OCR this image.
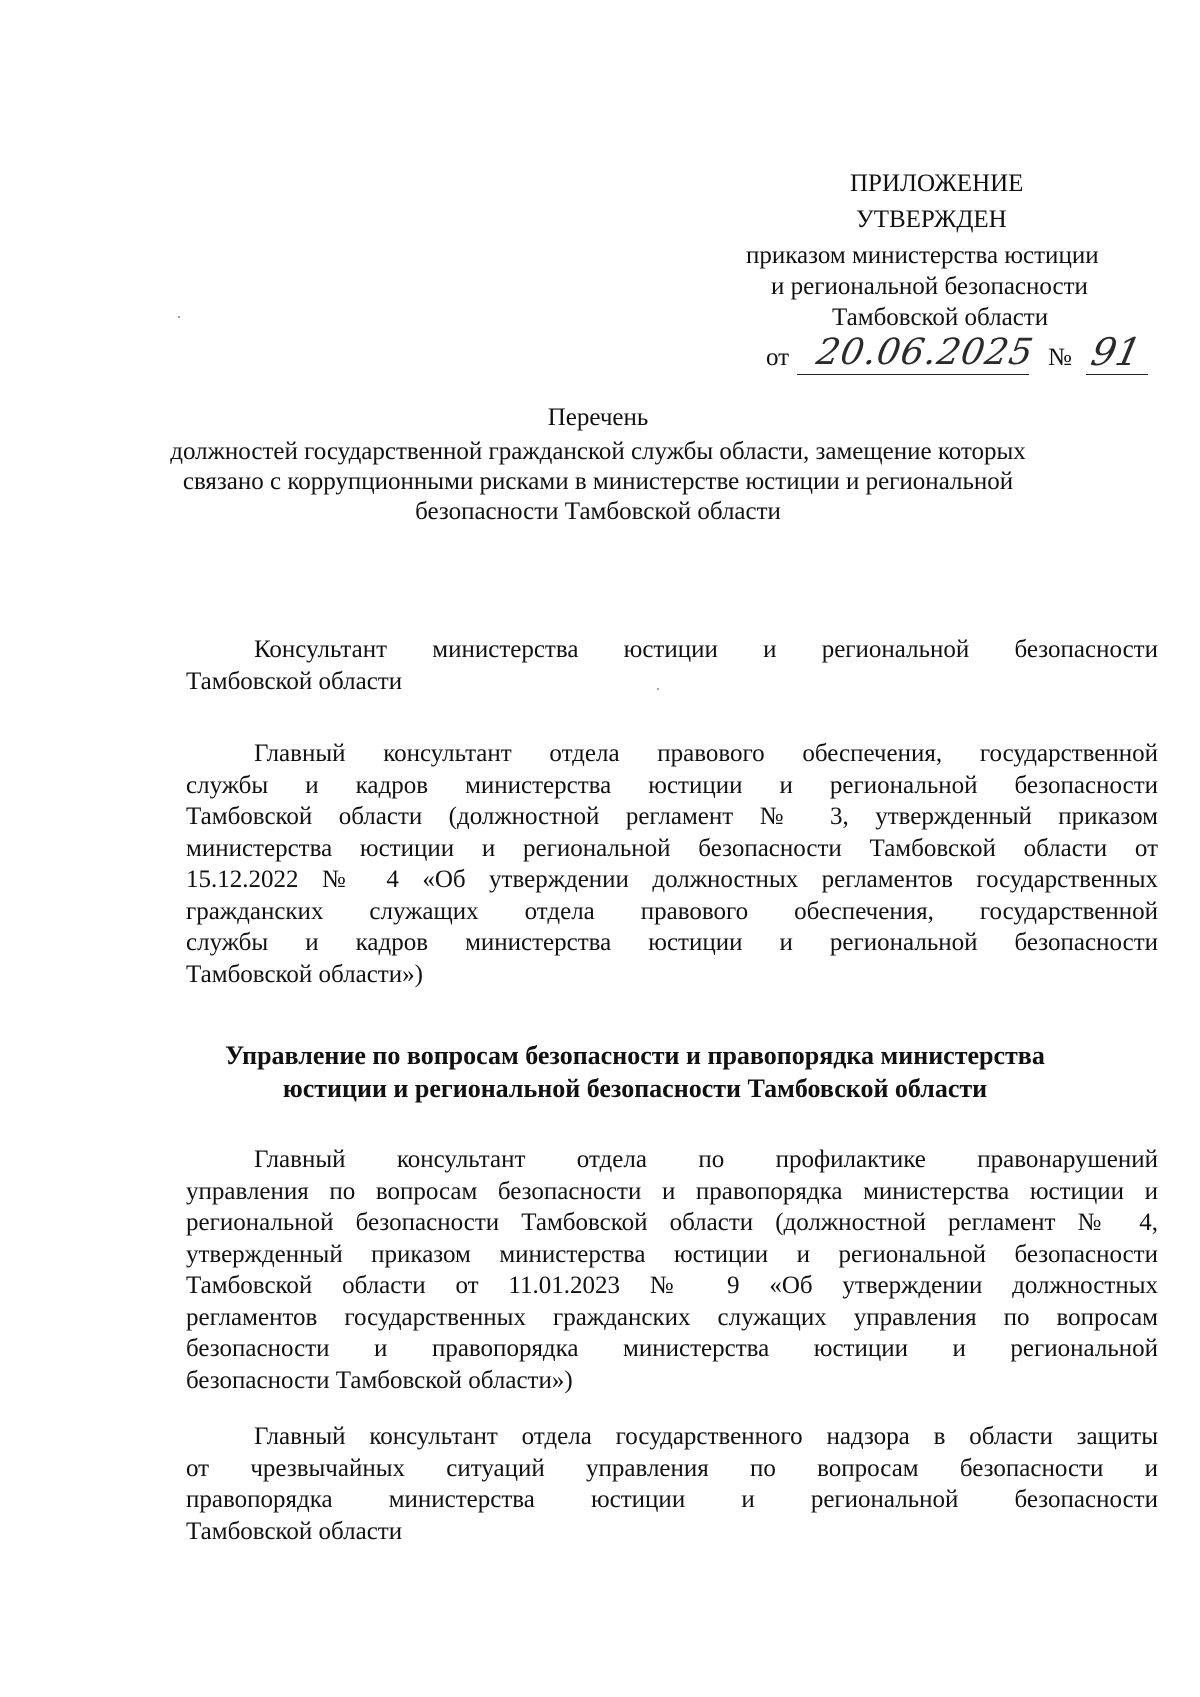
ПРИЛОЖЕНИЕ
УТВЕРЖДЕН
приказом министерства юстиции
и региональной безопасности
Тамбовской области
от 20.06.2025 № 91
Перечень
должностей государственной гражданской службы области, замещение которых
связано с коррупционными рисками в министерстве юстиции и региональной
безопасности Тамбовской области
Консультант министерства юстиции и региональной безопасности
Тамбовской области
Главный консультант отдела правового обеспечения, государственной
службы и кадров министерства юстиции и региональной безопасности
Тамбовской области (должностной регламент № 3, утвержденный приказом
министерства юстиции и региональной безопасности Тамбовской области от
15.12.2022 № 4 «Об утверждении должностных регламентов государственных
гражданских служащих отдела правового обеспечения, государственной
службы и кадров министерства юстиции и региональной безопасности
Тамбовской области»)
Управление по вопросам безопасности и правопорядка министерства
юстиции и региональной безопасности Тамбовской области
Главный консультант отдела по профилактике правонарушений
управления по вопросам безопасности и правопорядка министерства юстиции и
региональной безопасности Тамбовской области (должностной регламент № 4,
утвержденный приказом министерства юстиции и региональной безопасности
Тамбовской области от 11.01.2023 № 9 «Об утверждении должностных
регламентов государственных гражданских служащих управления по вопросам
безопасности и правопорядка министерства юстиции и региональной
безопасности Тамбовской области»)
Главный консультант отдела государственного надзора в области защиты
от чрезвычайных ситуаций управления по вопросам безопасности и
правопорядка министерства юстиции и региональной безопасности
Тамбовской области
